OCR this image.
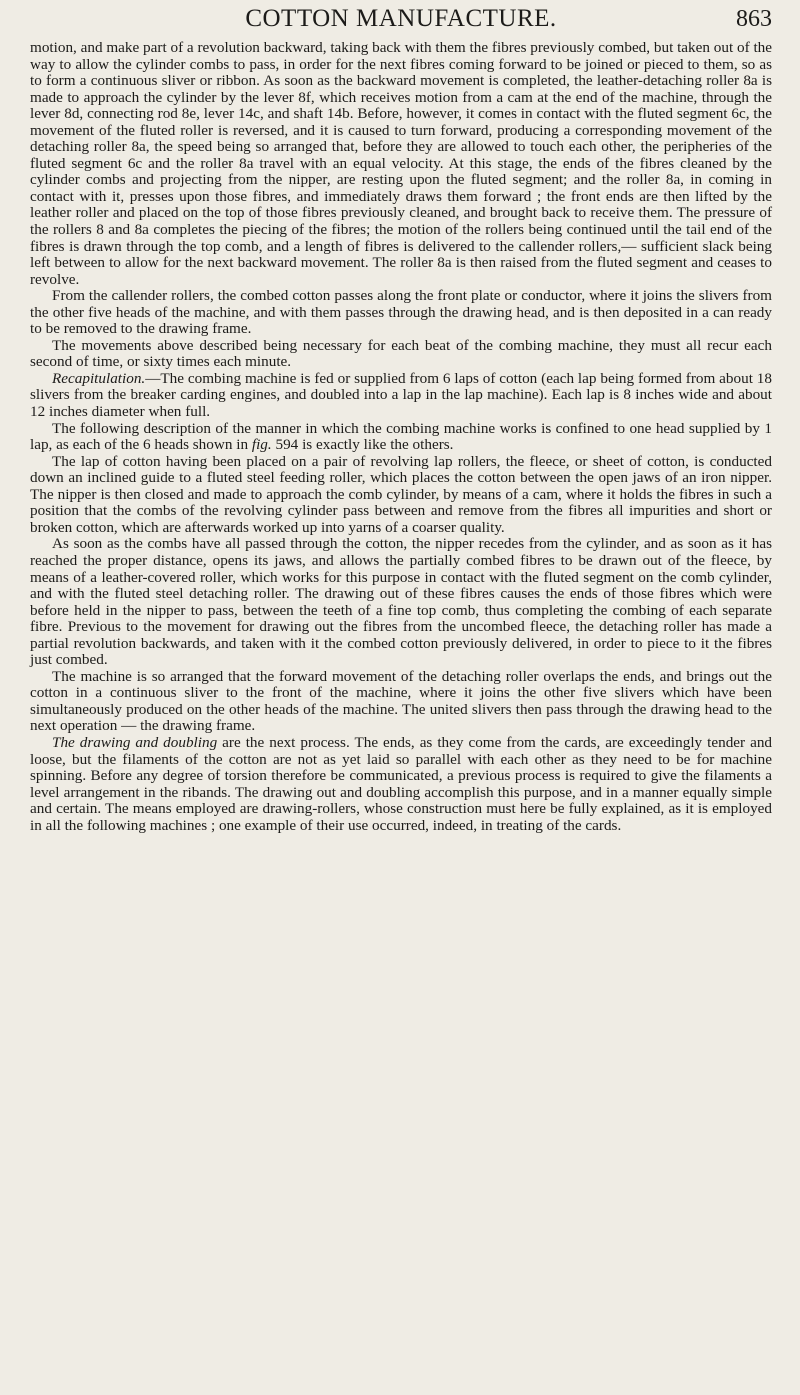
COTTON MANUFACTURE.	863

motion, and make part of a revolution backward, taking back with them the fibres previously combed, but taken out of the way to allow the cylinder combs to pass, in order for the next fibres coming forward to be joined or pieced to them, so as to form a continuous sliver or ribbon. As soon as the backward movement is completed, the leather-detaching roller 8a is made to approach the cylinder by the lever 8f, which receives motion from a cam at the end of the machine, through the lever 8d, connecting rod 8e, lever 14c, and shaft 14b. Before, however, it comes in contact with the fluted segment 6c, the movement of the fluted roller is reversed, and it is caused to turn forward, producing a corresponding movement of the detaching roller 8a, the speed being so arranged that, before they are allowed to touch each other, the peripheries of the fluted segment 6c and the roller 8a travel with an equal velocity. At this stage, the ends of the fibres cleaned by the cylinder combs and projecting from the nipper, are resting upon the fluted segment; and the roller 8a, in coming in contact with it, presses upon those fibres, and immediately draws them forward ; the front ends are then lifted by the leather roller and placed on the top of those fibres previously cleaned, and brought back to receive them. The pressure of the rollers 8 and 8a completes the piecing of the fibres; the motion of the rollers being continued until the tail end of the fibres is drawn through the top comb, and a length of fibres is delivered to the callender rollers,— sufficient slack being left between to allow for the next backward movement. The roller 8a is then raised from the fluted segment and ceases to revolve.

From the callender rollers, the combed cotton passes along the front plate or conductor, where it joins the slivers from the other five heads of the machine, and with them passes through the drawing head, and is then deposited in a can ready to be removed to the drawing frame.

The movements above described being necessary for each beat of the combing machine, they must all recur each second of time, or sixty times each minute.

Recapitulation.—The combing machine is fed or supplied from 6 laps of cotton (each lap being formed from about 18 slivers from the breaker carding engines, and doubled into a lap in the lap machine). Each lap is 8 inches wide and about 12 inches diameter when full.

The following description of the manner in which the combing machine works is confined to one head supplied by 1 lap, as each of the 6 heads shown in fig. 594 is exactly like the others.

The lap of cotton having been placed on a pair of revolving lap rollers, the fleece, or sheet of cotton, is conducted down an inclined guide to a fluted steel feeding roller, which places the cotton between the open jaws of an iron nipper. The nipper is then closed and made to approach the comb cylinder, by means of a cam, where it holds the fibres in such a position that the combs of the revolving cylinder pass between and remove from the fibres all impurities and short or broken cotton, which are afterwards worked up into yarns of a coarser quality.

As soon as the combs have all passed through the cotton, the nipper recedes from the cylinder, and as soon as it has reached the proper distance, opens its jaws, and allows the partially combed fibres to be drawn out of the fleece, by means of a leather-covered roller, which works for this purpose in contact with the fluted segment on the comb cylinder, and with the fluted steel detaching roller. The drawing out of these fibres causes the ends of those fibres which were before held in the nipper to pass, between the teeth of a fine top comb, thus completing the combing of each separate fibre. Previous to the movement for drawing out the fibres from the uncombed fleece, the detaching roller has made a partial revolution backwards, and taken with it the combed cotton previously delivered, in order to piece to it the fibres just combed.

The machine is so arranged that the forward movement of the detaching roller overlaps the ends, and brings out the cotton in a continuous sliver to the front of the machine, where it joins the other five slivers which have been simultaneously produced on the other heads of the machine. The united slivers then pass through the drawing head to the next operation — the drawing frame.

The drawing and doubling are the next process. The ends, as they come from the cards, are exceedingly tender and loose, but the filaments of the cotton are not as yet laid so parallel with each other as they need to be for machine spinning. Before any degree of torsion therefore be communicated, a previous process is required to give the filaments a level arrangement in the ribands. The drawing out and doubling accomplish this purpose, and in a manner equally simple and certain. The means employed are drawing-rollers, whose construction must here be fully explained, as it is employed in all the following machines ; one example of their use occurred, indeed, in treating of the cards.
